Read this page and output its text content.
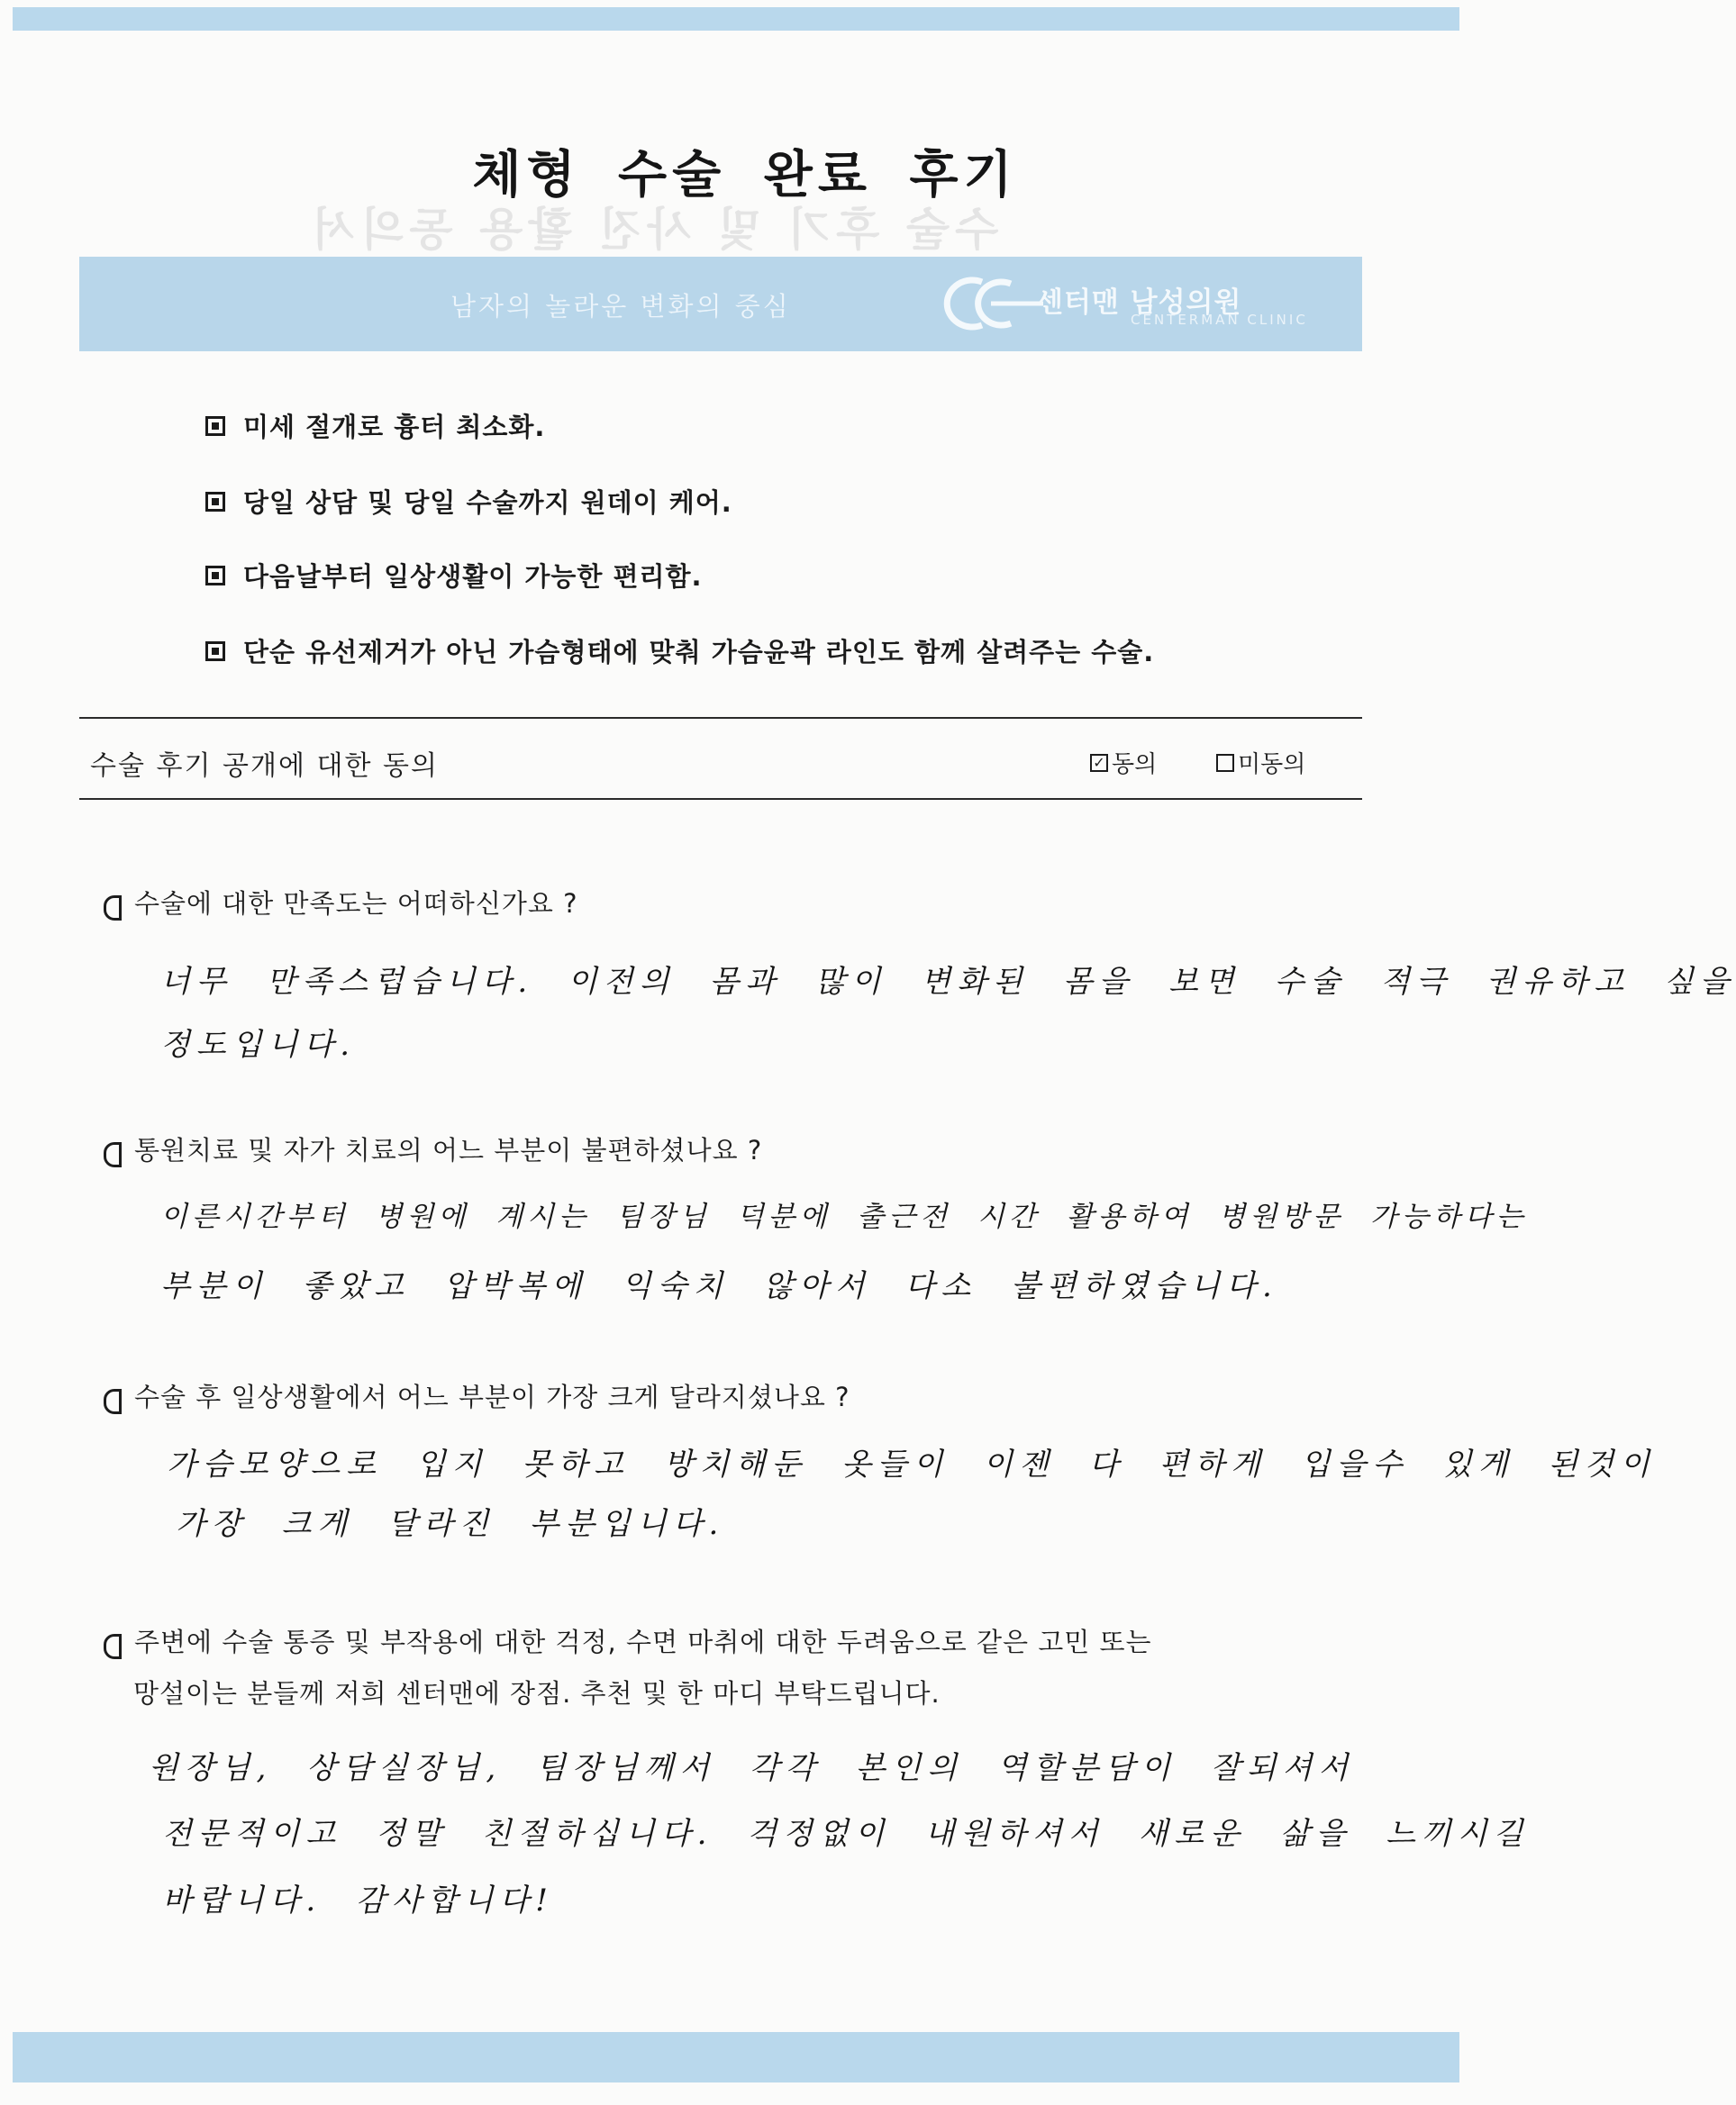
체형 수술 완료 후기
수술 후기 및 사진 활용 동의서
남자의 놀라운 변화의 중심	센터맨 남성의원
CENTERMAN CLINIC
미세 절개로 흉터 최소화.
당일 상담 및 당일 수술까지 원데이 케어.
다음날부터 일상생활이 가능한 편리함.
단순 유선제거가 아닌 가슴형태에 맞춰 가슴윤곽 라인도 함께 살려주는 수술.
수술 후기 공개에 대한 동의	✓ 동의	미동의
수술에 대한 만족도는 어떠하신가요 ?
너무 만족스럽습니다. 이전의 몸과 많이 변화된 몸을 보면 수술 적극 권유하고 싶을
정도입니다.
통원치료 및 자가 치료의 어느 부분이 불편하셨나요 ?
이른시간부터 병원에 계시는 팀장님 덕분에 출근전 시간 활용하여 병원방문 가능하다는
부분이 좋았고 압박복에 익숙치 않아서 다소 불편하였습니다.
수술 후 일상생활에서 어느 부분이 가장 크게 달라지셨나요 ?
가슴모양으로 입지 못하고 방치해둔 옷들이 이젠 다 편하게 입을수 있게 된것이
가장 크게 달라진 부분입니다.
주변에 수술 통증 및 부작용에 대한 걱정, 수면 마취에 대한 두려움으로 같은 고민 또는
망설이는 분들께 저희 센터맨에 장점. 추천 및 한 마디 부탁드립니다.
원장님, 상담실장님, 팀장님께서 각각 본인의 역할분담이 잘되셔서
전문적이고 정말 친절하십니다. 걱정없이 내원하셔서 새로운 삶을 느끼시길
바랍니다. 감사합니다!
